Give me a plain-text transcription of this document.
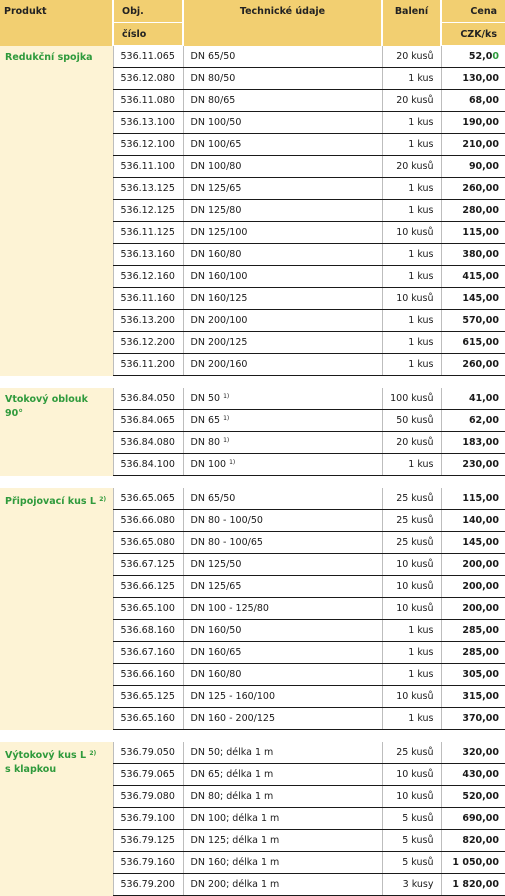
Produkt	Obj.	Technické údaje	Balení	Cena
	číslo			CZK/ks
Redukční spojka	536.11.065	DN 65/50	20 kusů	52,00
	536.12.080	DN 80/50	1 kus	130,00
	536.11.080	DN 80/65	20 kusů	68,00
	536.13.100	DN 100/50	1 kus	190,00
	536.12.100	DN 100/65	1 kus	210,00
	536.11.100	DN 100/80	20 kusů	90,00
	536.13.125	DN 125/65	1 kus	260,00
	536.12.125	DN 125/80	1 kus	280,00
	536.11.125	DN 125/100	10 kusů	115,00
	536.13.160	DN 160/80	1 kus	380,00
	536.12.160	DN 160/100	1 kus	415,00
	536.11.160	DN 160/125	10 kusů	145,00
	536.13.200	DN 200/100	1 kus	570,00
	536.12.200	DN 200/125	1 kus	615,00
	536.11.200	DN 200/160	1 kus	260,00

Vtokový oblouk 90°	536.84.050	DN 50 $^{1)}$	100 kusů	41,00
	536.84.065	DN 65 $^{1)}$	50 kusů	62,00
	536.84.080	DN 80 $^{1)}$	20 kusů	183,00
	536.84.100	DN 100 $^{1)}$	1 kus	230,00

Připojovací kus L $^{2)}$	536.65.065	DN 65/50	25 kusů	115,00
	536.66.080	DN 80 - 100/50	25 kusů	140,00
	536.65.080	DN 80 - 100/65	25 kusů	145,00
	536.67.125	DN 125/50	10 kusů	200,00
	536.66.125	DN 125/65	10 kusů	200,00
	536.65.100	DN 100 - 125/80	10 kusů	200,00
	536.68.160	DN 160/50	1 kus	285,00
	536.67.160	DN 160/65	1 kus	285,00
	536.66.160	DN 160/80	1 kus	305,00
	536.65.125	DN 125 - 160/100	10 kusů	315,00
	536.65.160	DN 160 - 200/125	1 kus	370,00

Výtokový kus L $^{2)}$
s klapkou	536.79.050	DN 50; délka 1 m	25 kusů	320,00
	536.79.065	DN 65; délka 1 m	10 kusů	430,00
	536.79.080	DN 80; délka 1 m	10 kusů	520,00
	536.79.100	DN 100; délka 1 m	5 kusů	690,00
	536.79.125	DN 125; délka 1 m	5 kusů	820,00
	536.79.160	DN 160; délka 1 m	5 kusů	1 050,00
	536.79.200	DN 200; délka 1 m	3 kusy	1 820,00
